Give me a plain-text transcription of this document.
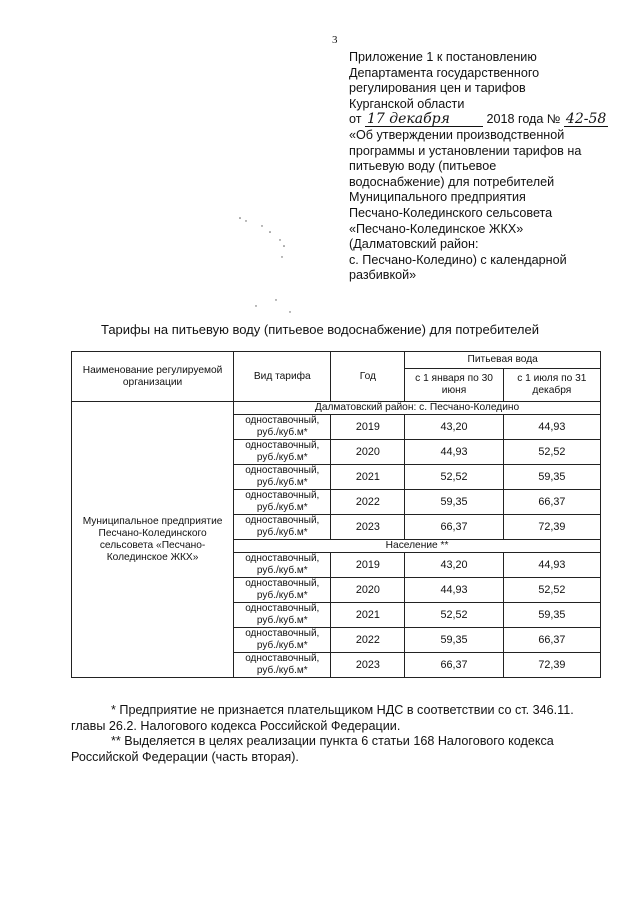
3
Приложение 1 к постановлению
Департамента государственного
регулирования цен и тарифов
Курганской области
от 17 декабря	2018 года № 42-58
«Об утверждении производственной
программы и установлении тарифов на
питьевую воду (питьевое
водоснабжение) для потребителей
Муниципального предприятия
Песчано-Колединского сельсовета
«Песчано-Колединское ЖКХ»
(Далматовский район:
с. Песчано-Коледино) с календарной
разбивкой»
Тарифы на питьевую воду (питьевое водоснабжение) для потребителей
Наименование регулируемой организации	Вид тарифа	Год	Питьевая вода	
			с 1 января по 30 июня	с 1 июля по 31 декабря
Муниципальное предприятие Песчано-Колединского сельсовета «Песчано-Колединское ЖКХ»	Далматовский район: с. Песчано-Коледино			
	одноставочный, руб./куб.м*	2019	43,20	44,93
	одноставочный, руб./куб.м*	2020	44,93	52,52
	одноставочный, руб./куб.м*	2021	52,52	59,35
	одноставочный, руб./куб.м*	2022	59,35	66,37
	одноставочный, руб./куб.м*	2023	66,37	72,39
	Население **			
	одноставочный, руб./куб.м*	2019	43,20	44,93
	одноставочный, руб./куб.м*	2020	44,93	52,52
	одноставочный, руб./куб.м*	2021	52,52	59,35
	одноставочный, руб./куб.м*	2022	59,35	66,37
	одноставочный, руб./куб.м*	2023	66,37	72,39

* Предприятие не признается плательщиком НДС в соответствии со ст. 346.11.

главы 26.2. Налогового кодекса Российской Федерации.

** Выделяется в целях реализации пункта 6 статьи 168 Налогового кодекса

Российской Федерации (часть вторая).
